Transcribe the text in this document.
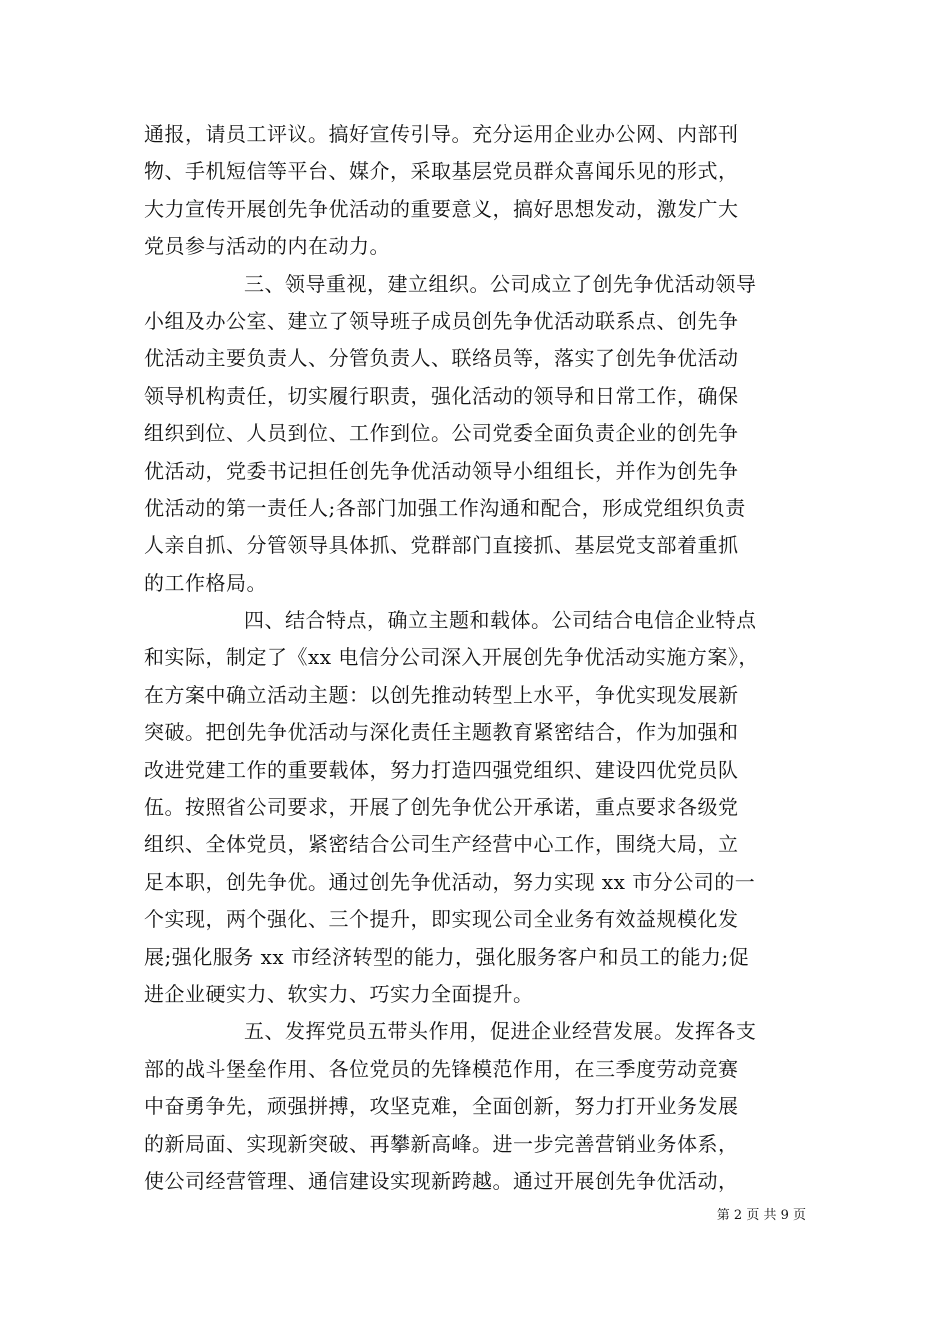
通报，请员工评议。搞好宣传引导。充分运用企业办公网、内部刊
物、手机短信等平台、媒介，采取基层党员群众喜闻乐见的形式，
大力宣传开展创先争优活动的重要意义，搞好思想发动，激发广大
党员参与活动的内在动力。
三、领导重视，建立组织。公司成立了创先争优活动领导
小组及办公室、建立了领导班子成员创先争优活动联系点、创先争
优活动主要负责人、分管负责人、联络员等，落实了创先争优活动
领导机构责任，切实履行职责，强化活动的领导和日常工作，确保
组织到位、人员到位、工作到位。公司党委全面负责企业的创先争
优活动，党委书记担任创先争优活动领导小组组长，并作为创先争
优活动的第一责任人;各部门加强工作沟通和配合，形成党组织负责
人亲自抓、分管领导具体抓、党群部门直接抓、基层党支部着重抓
的工作格局。
四、结合特点，确立主题和载体。公司结合电信企业特点
和实际，制定了《xx 电信分公司深入开展创先争优活动实施方案》，
在方案中确立活动主题：以创先推动转型上水平，争优实现发展新
突破。把创先争优活动与深化责任主题教育紧密结合，作为加强和
改进党建工作的重要载体，努力打造四强党组织、建设四优党员队
伍。按照省公司要求，开展了创先争优公开承诺，重点要求各级党
组织、全体党员，紧密结合公司生产经营中心工作，围绕大局，立
足本职，创先争优。通过创先争优活动，努力实现 xx 市分公司的一
个实现，两个强化、三个提升，即实现公司全业务有效益规模化发
展;强化服务 xx 市经济转型的能力，强化服务客户和员工的能力;促
进企业硬实力、软实力、巧实力全面提升。
五、发挥党员五带头作用，促进企业经营发展。发挥各支
部的战斗堡垒作用、各位党员的先锋模范作用，在三季度劳动竞赛
中奋勇争先，顽强拼搏，攻坚克难，全面创新，努力打开业务发展
的新局面、实现新突破、再攀新高峰。进一步完善营销业务体系，
使公司经营管理、通信建设实现新跨越。通过开展创先争优活动，
第 2 页 共 9 页
